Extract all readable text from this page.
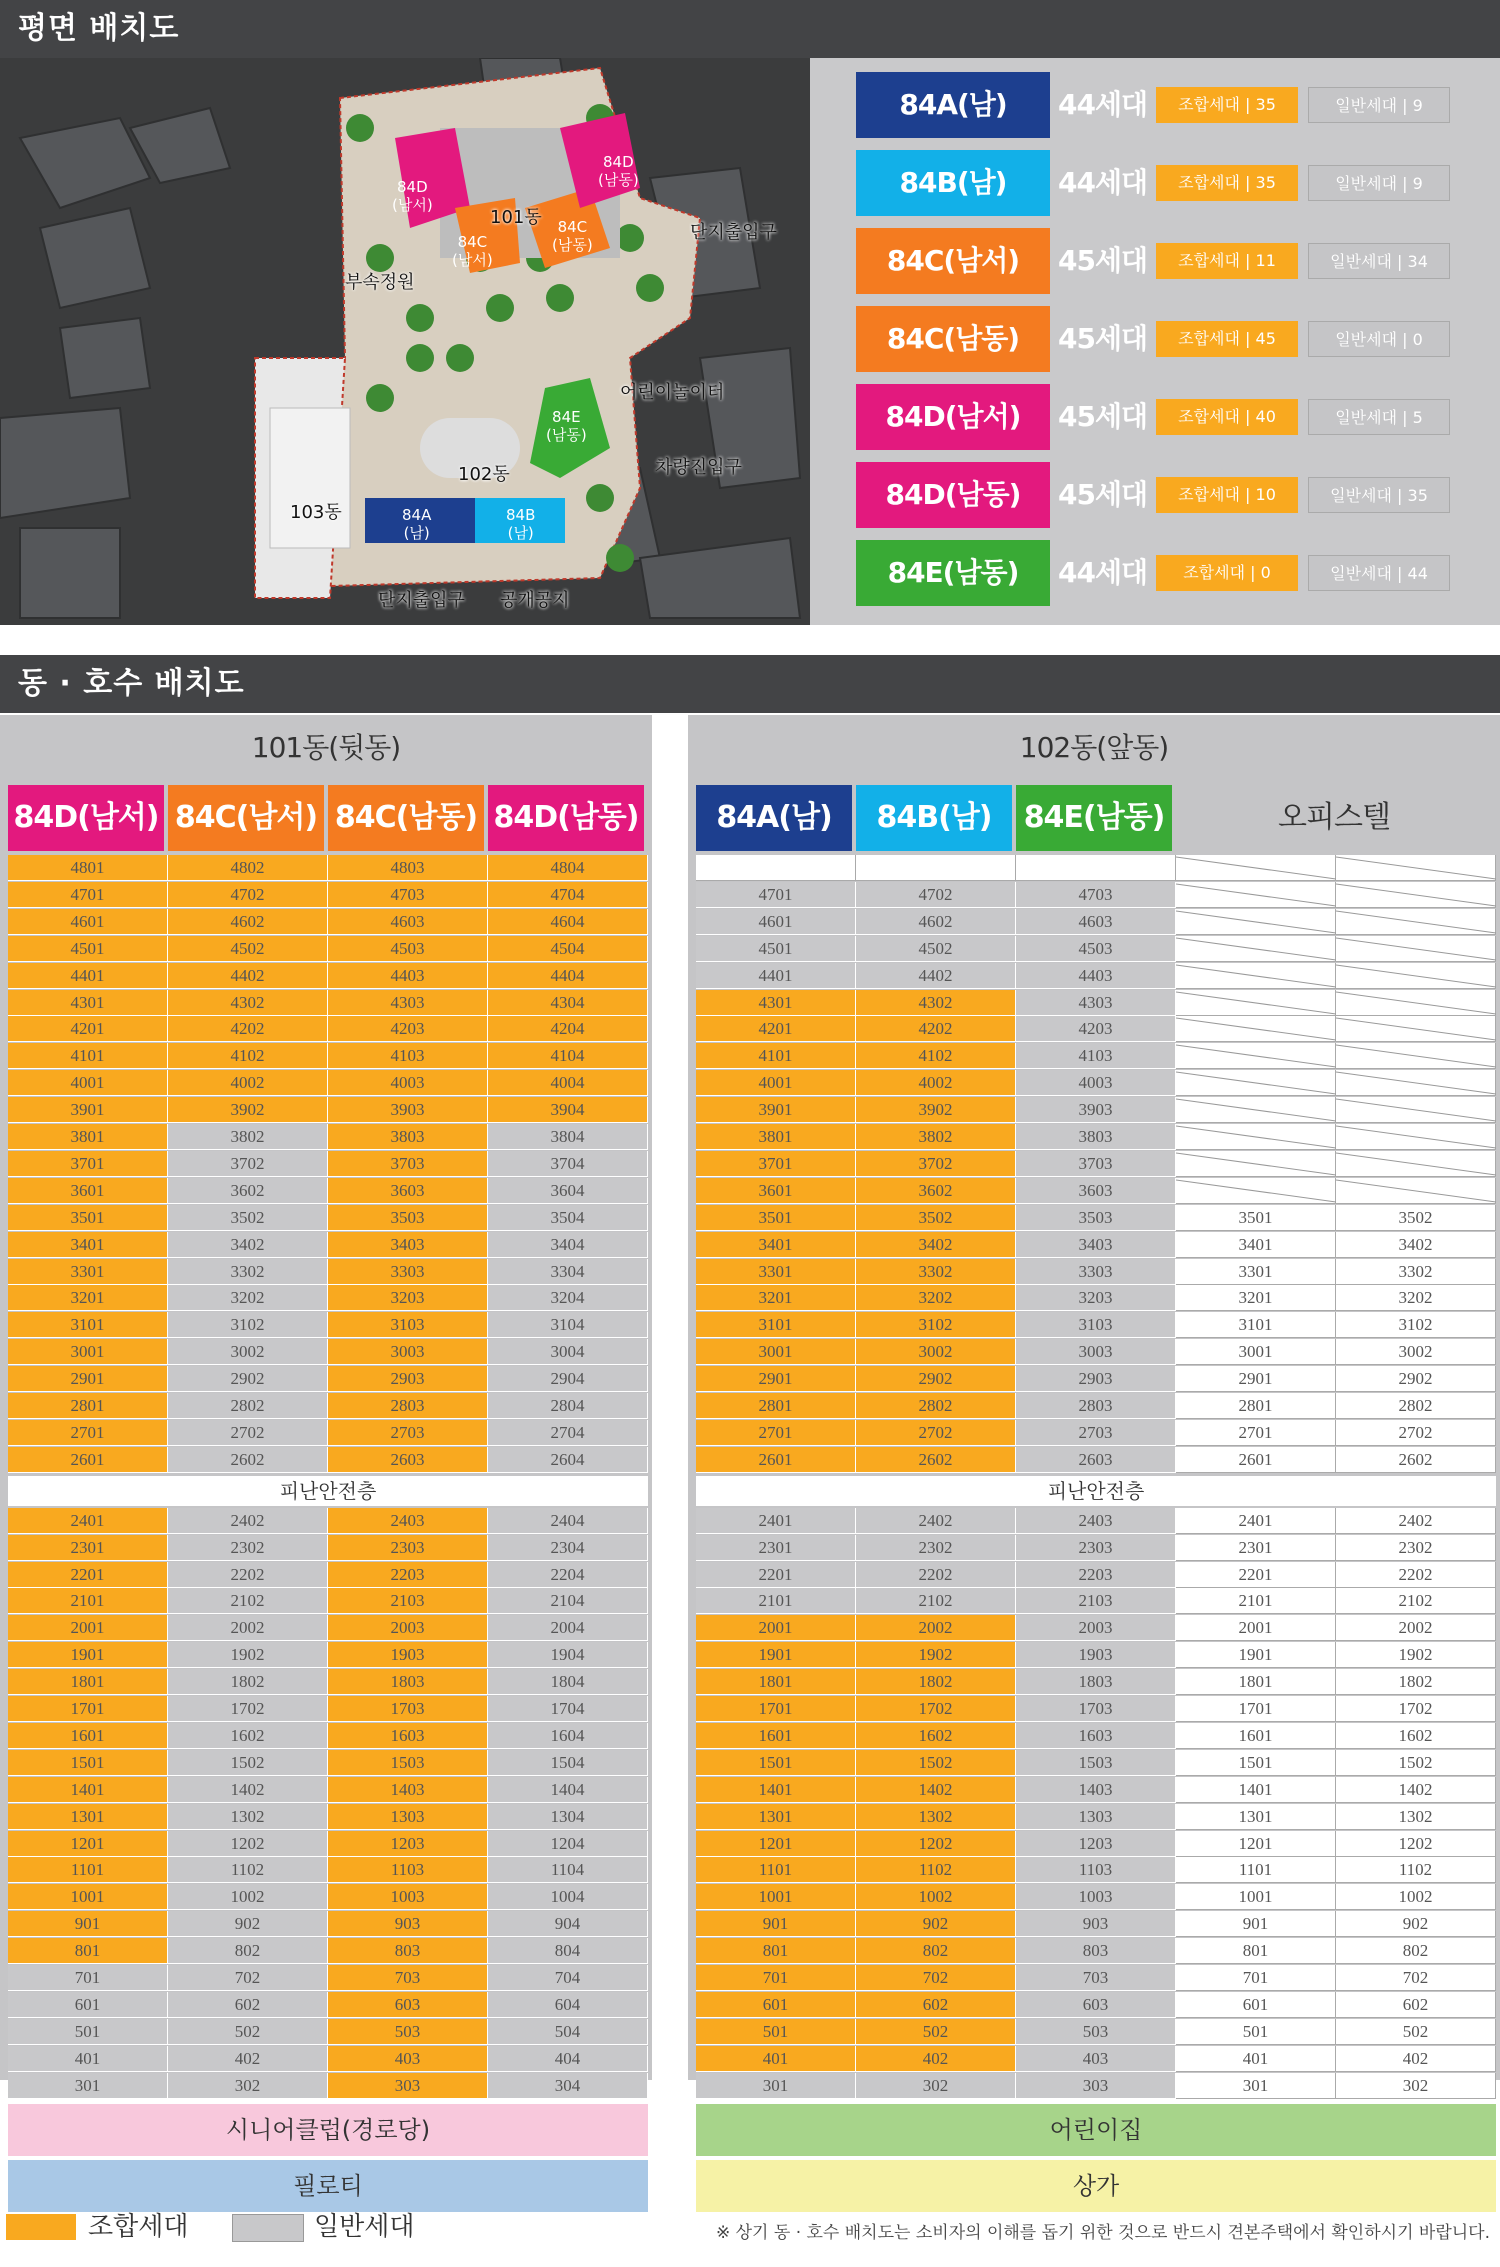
평면 배치도
84D
(남서)
84C
(남서)
84C
(남동)
84D
(남동)
84E
(남동)
84A
(남)
84B
(남)
101동
102동
103동
단지출입구
단지출입구
부속정원
어린이놀이터
차량진입구
공개공지
84A(남)	44세대	조합세대 | 35	일반세대 | 9
84B(남)	44세대	조합세대 | 35	일반세대 | 9
84C(남서)	45세대	조합세대 | 11	일반세대 | 34
84C(남동)	45세대	조합세대 | 45	일반세대 | 0
84D(남서)	45세대	조합세대 | 40	일반세대 | 5
84D(남동)	45세대	조합세대 | 10	일반세대 | 35
84E(남동)	44세대	조합세대 | 0	일반세대 | 44
동 · 호수 배치도
101동(뒷동)
84D(남서) 84C(남서) 84C(남동) 84D(남동)
4801	4802	4803	4804
4701	4702	4703	4704
4601	4602	4603	4604
4501	4502	4503	4504
4401	4402	4403	4404
4301	4302	4303	4304
4201	4202	4203	4204
4101	4102	4103	4104
4001	4002	4003	4004
3901	3902	3903	3904
3801	3802	3803	3804
3701	3702	3703	3704
3601	3602	3603	3604
3501	3502	3503	3504
3401	3402	3403	3404
3301	3302	3303	3304
3201	3202	3203	3204
3101	3102	3103	3104
3001	3002	3003	3004
2901	2902	2903	2904
2801	2802	2803	2804
2701	2702	2703	2704
2601	2602	2603	2604
피난안전층
2401	2402	2403	2404
2301	2302	2303	2304
2201	2202	2203	2204
2101	2102	2103	2104
2001	2002	2003	2004
1901	1902	1903	1904
1801	1802	1803	1804
1701	1702	1703	1704
1601	1602	1603	1604
1501	1502	1503	1504
1401	1402	1403	1404
1301	1302	1303	1304
1201	1202	1203	1204
1101	1102	1103	1104
1001	1002	1003	1004
901	902	903	904
801	802	803	804
701	702	703	704
601	602	603	604
501	502	503	504
401	402	403	404
301	302	303	304
시니어클럽(경로당)
필로티
102동(앞동)
84A(남)	84B(남)	84E(남동)	오피스텔
4701	4702	4703
4601	4602	4603
4501	4502	4503
4401	4402	4403
4301	4302	4303
4201	4202	4203
4101	4102	4103
4001	4002	4003
3901	3902	3903
3801	3802	3803
3701	3702	3703
3601	3602	3603
3501	3502	3503	3501	3502
3401	3402	3403	3401	3402
3301	3302	3303	3301	3302
3201	3202	3203	3201	3202
3101	3102	3103	3101	3102
3001	3002	3003	3001	3002
2901	2902	2903	2901	2902
2801	2802	2803	2801	2802
2701	2702	2703	2701	2702
2601	2602	2603	2601	2602
피난안전층
2401	2402	2403	2401	2402
2301	2302	2303	2301	2302
2201	2202	2203	2201	2202
2101	2102	2103	2101	2102
2001	2002	2003	2001	2002
1901	1902	1903	1901	1902
1801	1802	1803	1801	1802
1701	1702	1703	1701	1702
1601	1602	1603	1601	1602
1501	1502	1503	1501	1502
1401	1402	1403	1401	1402
1301	1302	1303	1301	1302
1201	1202	1203	1201	1202
1101	1102	1103	1101	1102
1001	1002	1003	1001	1002
901	902	903	901	902
801	802	803	801	802
701	702	703	701	702
601	602	603	601	602
501	502	503	501	502
401	402	403	401	402
301	302	303	301	302
어린이집
상가
조합세대	일반세대	※ 상기 동 · 호수 배치도는 소비자의 이해를 돕기 위한 것으로 반드시 견본주택에서 확인하시기 바랍니다.
